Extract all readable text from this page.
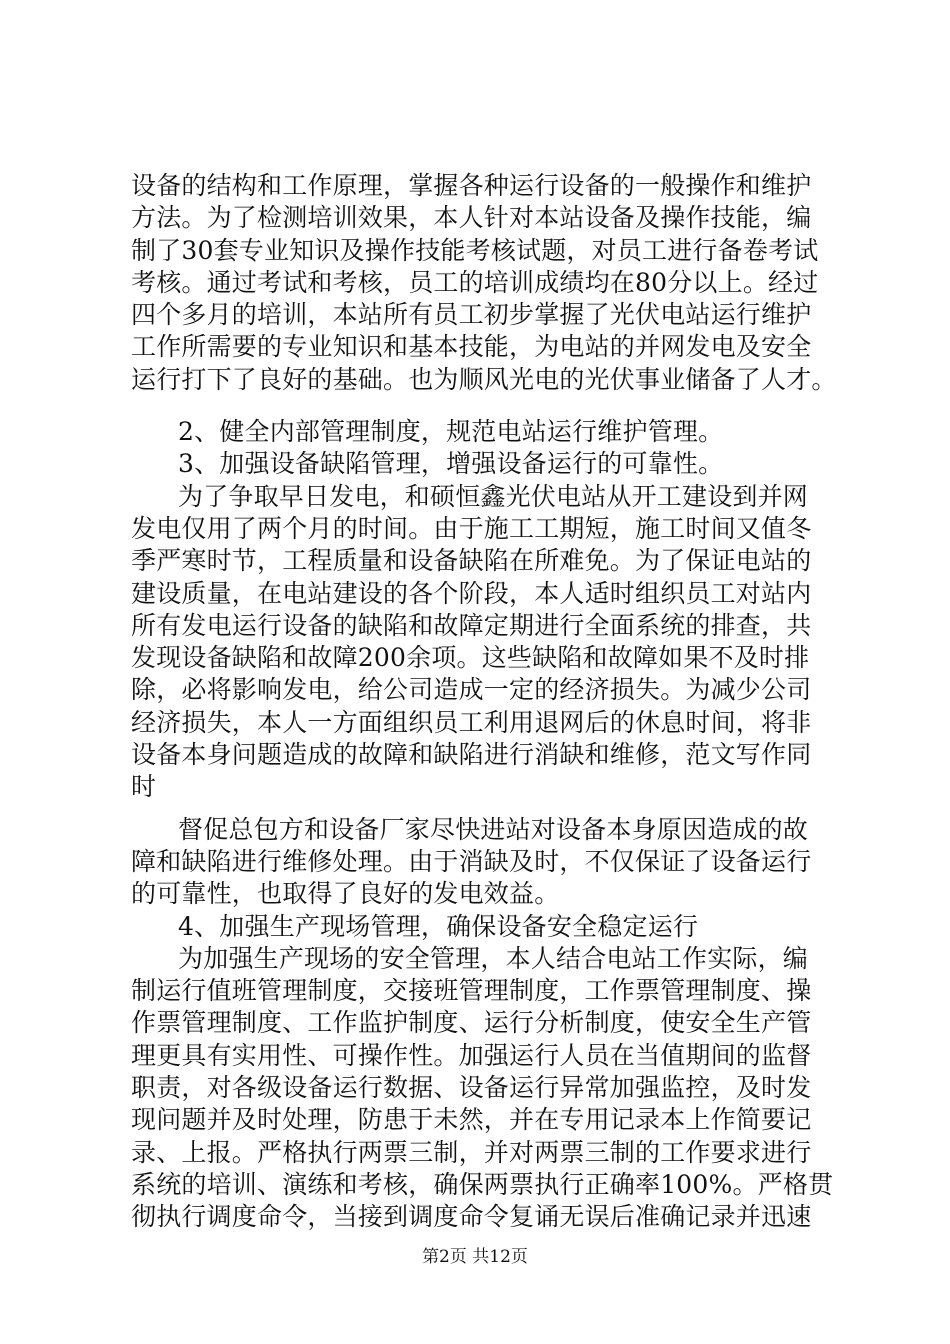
设备的结构和工作原理，掌握各种运行设备的一般操作和维护
方法。为了检测培训效果，本人针对本站设备及操作技能，编
制了30套专业知识及操作技能考核试题，对员工进行备卷考试
考核。通过考试和考核，员工的培训成绩均在80分以上。经过
四个多月的培训，本站所有员工初步掌握了光伏电站运行维护
工作所需要的专业知识和基本技能，为电站的并网发电及安全
运行打下了良好的基础。也为顺风光电的光伏事业储备了人才。
2、健全内部管理制度，规范电站运行维护管理。
3、加强设备缺陷管理，增强设备运行的可靠性。
为了争取早日发电，和硕恒鑫光伏电站从开工建设到并网
发电仅用了两个月的时间。由于施工工期短，施工时间又值冬
季严寒时节，工程质量和设备缺陷在所难免。为了保证电站的
建设质量，在电站建设的各个阶段，本人适时组织员工对站内
所有发电运行设备的缺陷和故障定期进行全面系统的排查，共
发现设备缺陷和故障200余项。这些缺陷和故障如果不及时排
除，必将影响发电，给公司造成一定的经济损失。为减少公司
经济损失，本人一方面组织员工利用退网后的休息时间，将非
设备本身问题造成的故障和缺陷进行消缺和维修，范文写作同
时
督促总包方和设备厂家尽快进站对设备本身原因造成的故
障和缺陷进行维修处理。由于消缺及时，不仅保证了设备运行
的可靠性，也取得了良好的发电效益。
4、加强生产现场管理，确保设备安全稳定运行
为加强生产现场的安全管理，本人结合电站工作实际，编
制运行值班管理制度，交接班管理制度，工作票管理制度、操
作票管理制度、工作监护制度、运行分析制度，使安全生产管
理更具有实用性、可操作性。加强运行人员在当值期间的监督
职责，对各级设备运行数据、设备运行异常加强监控，及时发
现问题并及时处理，防患于未然，并在专用记录本上作简要记
录、上报。严格执行两票三制，并对两票三制的工作要求进行
系统的培训、演练和考核，确保两票执行正确率100%。严格贯
彻执行调度命令，当接到调度命令复诵无误后准确记录并迅速
第2页 共12页
